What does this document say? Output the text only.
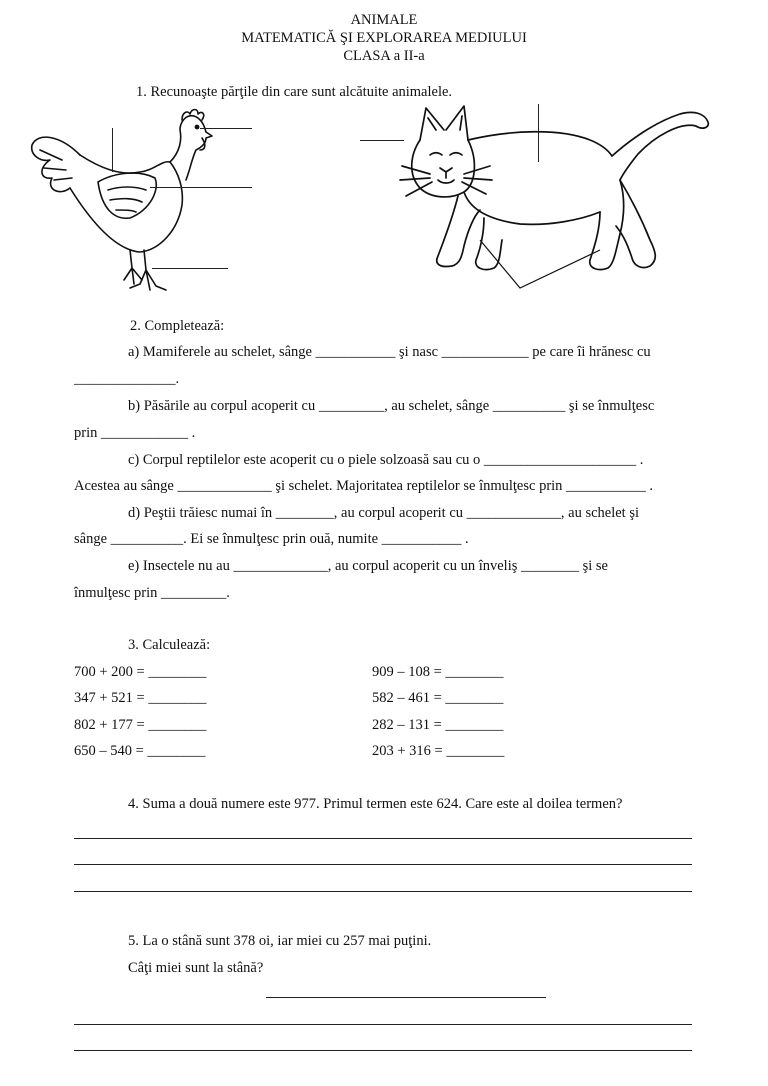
ANIMALE
MATEMATICĂ ŞI EXPLORAREA MEDIULUI
CLASA a II-a
1. Recunoaşte părţile din care sunt alcătuite animalele.
2. Completează:
a) Mamiferele au schelet, sânge ___________ şi nasc ____________ pe care îi hrănesc cu
______________.
b) Păsările au corpul acoperit cu _________, au schelet, sânge __________ şi se înmulţesc
prin ____________ .
c) Corpul reptilelor este acoperit cu o piele solzoasă sau cu o _____________________ .
Acestea au sânge _____________ şi schelet. Majoritatea reptilelor se înmulţesc prin ___________ .
d) Peştii trăiesc numai în ________, au corpul acoperit cu _____________, au schelet şi
sânge __________. Ei se înmulţesc prin ouă, numite ___________ .
e) Insectele nu au _____________, au corpul acoperit cu un înveliş ________ şi se
înmulţesc prin _________.
3. Calculează:
700 + 200 = ________
347 + 521 = ________
802 + 177 = ________
650 – 540 = ________
909 – 108 = ________
582 – 461 = ________
282 – 131 = ________
203 + 316 = ________
4. Suma a două numere este 977. Primul termen este 624. Care este al doilea termen?
5. La o stână sunt 378 oi, iar miei cu 257 mai puţini.
Câţi miei sunt la stână?
